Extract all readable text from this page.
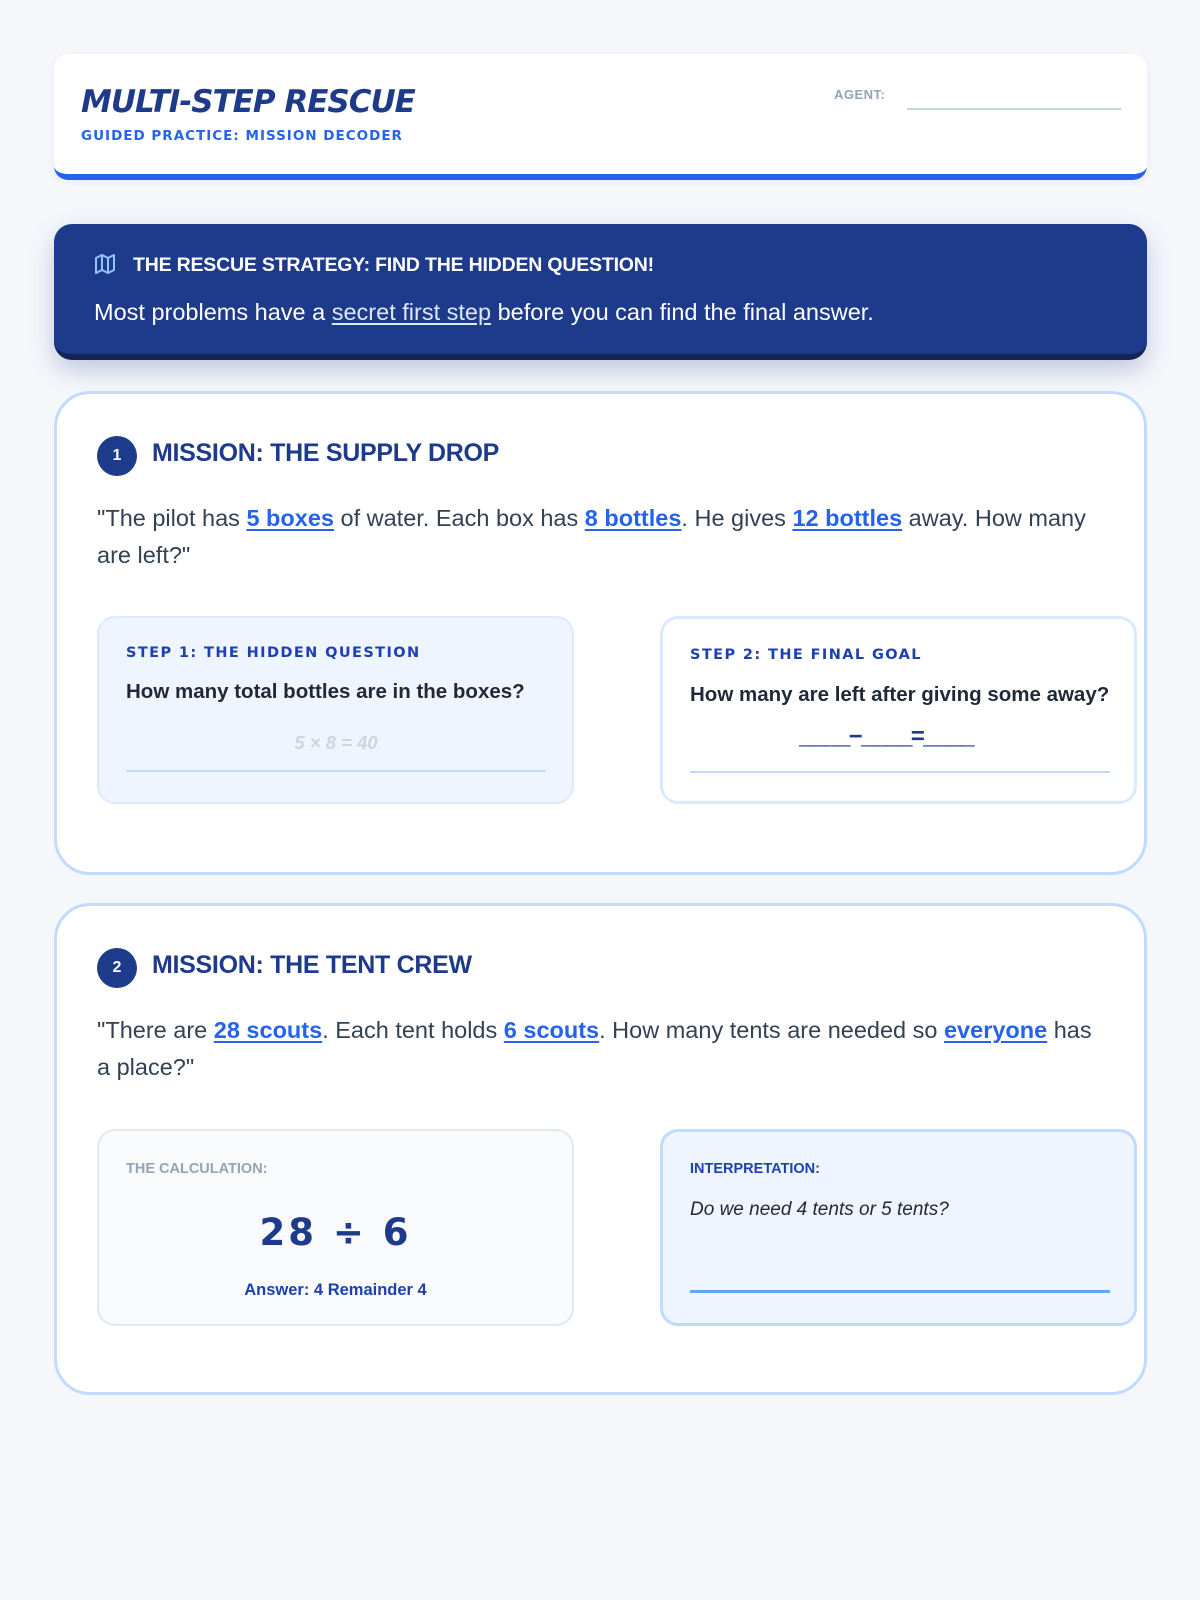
MULTI-STEP RESCUE
GUIDED PRACTICE: MISSION DECODER
AGENT:
THE RESCUE STRATEGY: FIND THE HIDDEN QUESTION!
Most problems have a secret first step before you can find the final answer.
1	MISSION: THE SUPPLY DROP

"The pilot has 5 boxes of water. Each box has 8 bottles. He gives 12 bottles away. How many are left?"

STEP 1: THE HIDDEN QUESTION
How many total bottles are in the boxes?
5 × 8 = 40
STEP 2: THE FINAL GOAL
How many are left after giving some away?
____−____=____
2	MISSION: THE TENT CREW

"There are 28 scouts. Each tent holds 6 scouts. How many tents are needed so everyone has a place?"

THE CALCULATION:
28 ÷ 6
Answer: 4 Remainder 4
INTERPRETATION:
Do we need 4 tents or 5 tents?
